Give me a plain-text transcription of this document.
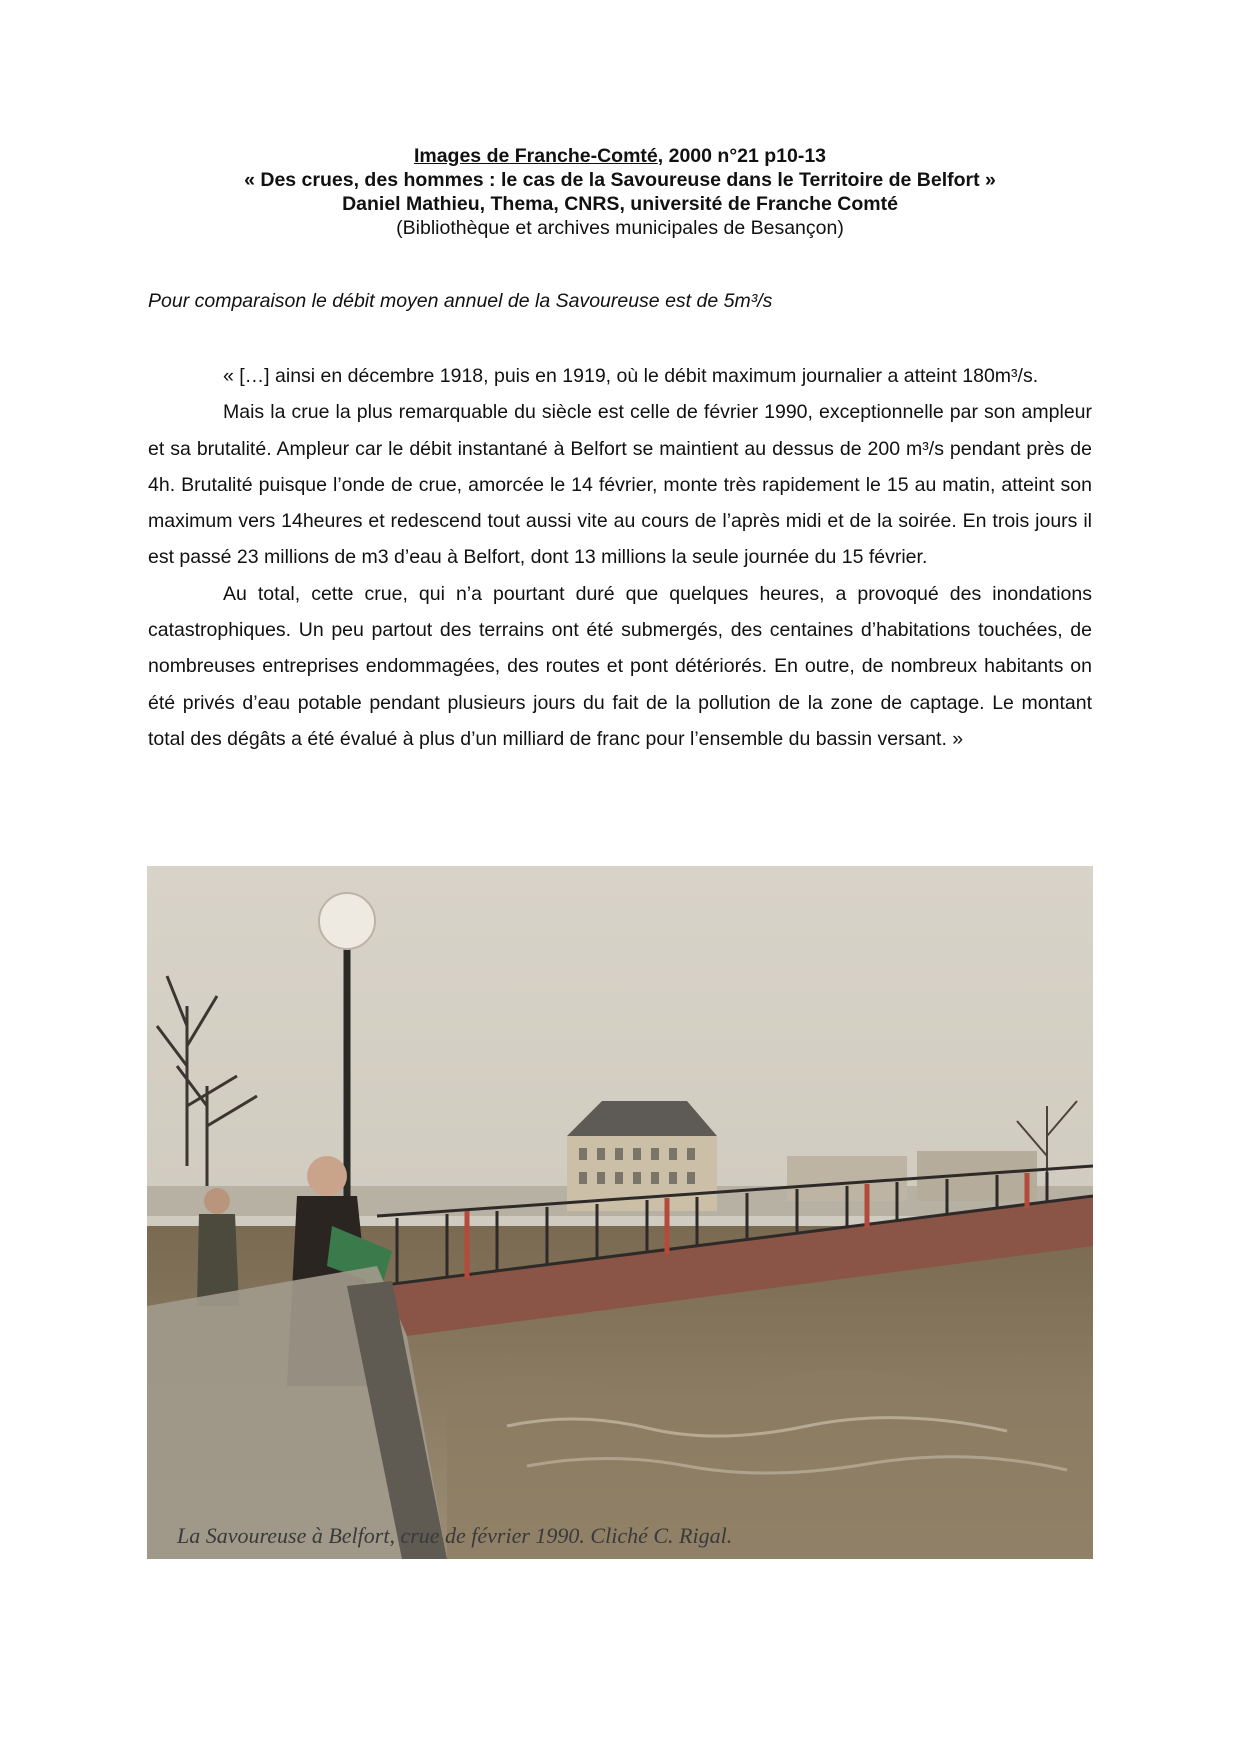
Images de Franche-Comté, 2000 n°21 p10-13
« Des crues, des hommes : le cas de la Savoureuse dans le Territoire de Belfort »
Daniel Mathieu, Thema, CNRS, université de Franche Comté
(Bibliothèque et archives municipales de Besançon)
Pour comparaison le débit moyen annuel de la Savoureuse est de 5m³/s

« […] ainsi en décembre 1918, puis en 1919, où le débit maximum journalier a atteint 180m³/s.

Mais la crue la plus remarquable du siècle est celle de février 1990, exceptionnelle par son ampleur et sa brutalité. Ampleur car le débit instantané à Belfort se maintient au dessus de 200 m³/s pendant près de 4h. Brutalité puisque l’onde de crue, amorcée le 14 février, monte très rapidement le 15 au matin, atteint son maximum vers 14heures et redescend tout aussi vite au cours de l’après midi et de la soirée. En trois jours il est passé 23 millions de m3 d’eau à Belfort, dont 13 millions la seule journée du 15 février.

Au total, cette crue, qui n’a pourtant duré que quelques heures, a provoqué des inondations catastrophiques. Un peu partout des terrains ont été submergés, des centaines d’habitations touchées, de nombreuses entreprises endommagées, des routes et pont détériorés. En outre, de nombreux habitants on été privés d’eau potable pendant plusieurs jours du fait de la pollution de la zone de captage. Le montant total des dégâts a été évalué à plus d’un milliard de franc pour l’ensemble du bassin versant. »

La Savoureuse à Belfort, crue de février 1990. Cliché C. Rigal.
